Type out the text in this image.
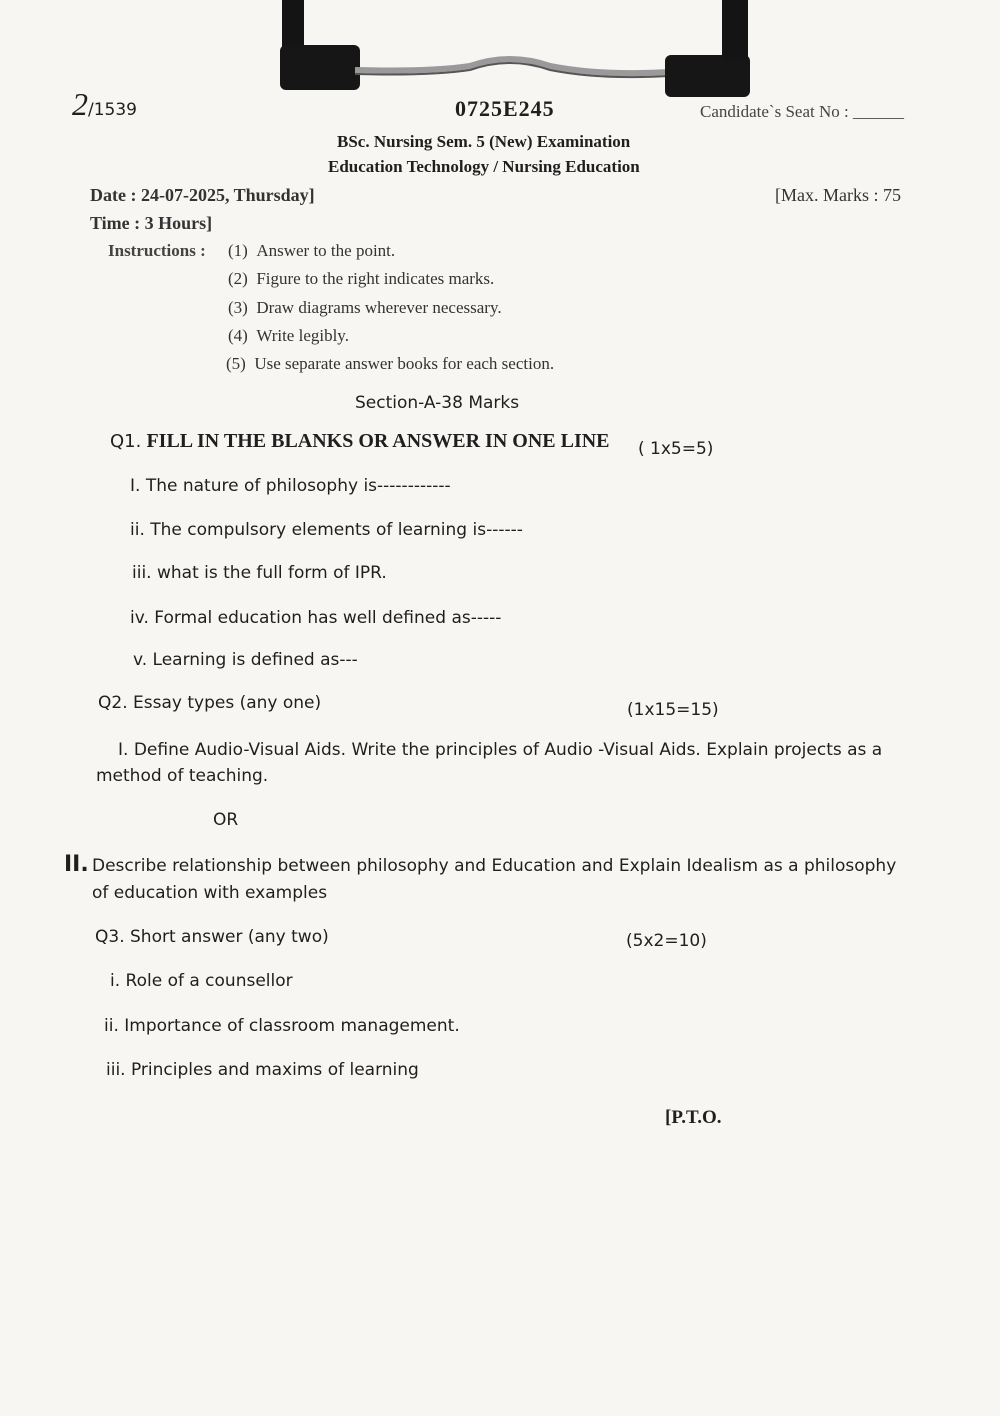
2/1539	0725E245	Candidate`s Seat No : ______
BSc. Nursing Sem. 5 (New) Examination
Education Technology / Nursing Education
Date : 24-07-2025, Thursday]	[Max. Marks : 75
Time : 3 Hours]
Instructions : (1) Answer to the point.
(2) Figure to the right indicates marks.
(3) Draw diagrams wherever necessary.
(4) Write legibly.
(5) Use separate answer books for each section.
Section-A-38 Marks
Q1. FILL IN THE BLANKS OR ANSWER IN ONE LINE ( 1x5=5)
I. The nature of philosophy is------------
ii. The compulsory elements of learning is------
iii. what is the full form of IPR.
iv. Formal education has well defined as-----
v. Learning is defined as---
Q2. Essay types (any one)	(1x15=15)
I. Define Audio-Visual Aids. Write the principles of Audio -Visual Aids. Explain projects as a
method of teaching.
OR
II. Describe relationship between philosophy and Education and Explain Idealism as a philosophy
of education with examples
Q3. Short answer (any two)	(5x2=10)
i. Role of a counsellor
ii. Importance of classroom management.
iii. Principles and maxims of learning
[P.T.O.
